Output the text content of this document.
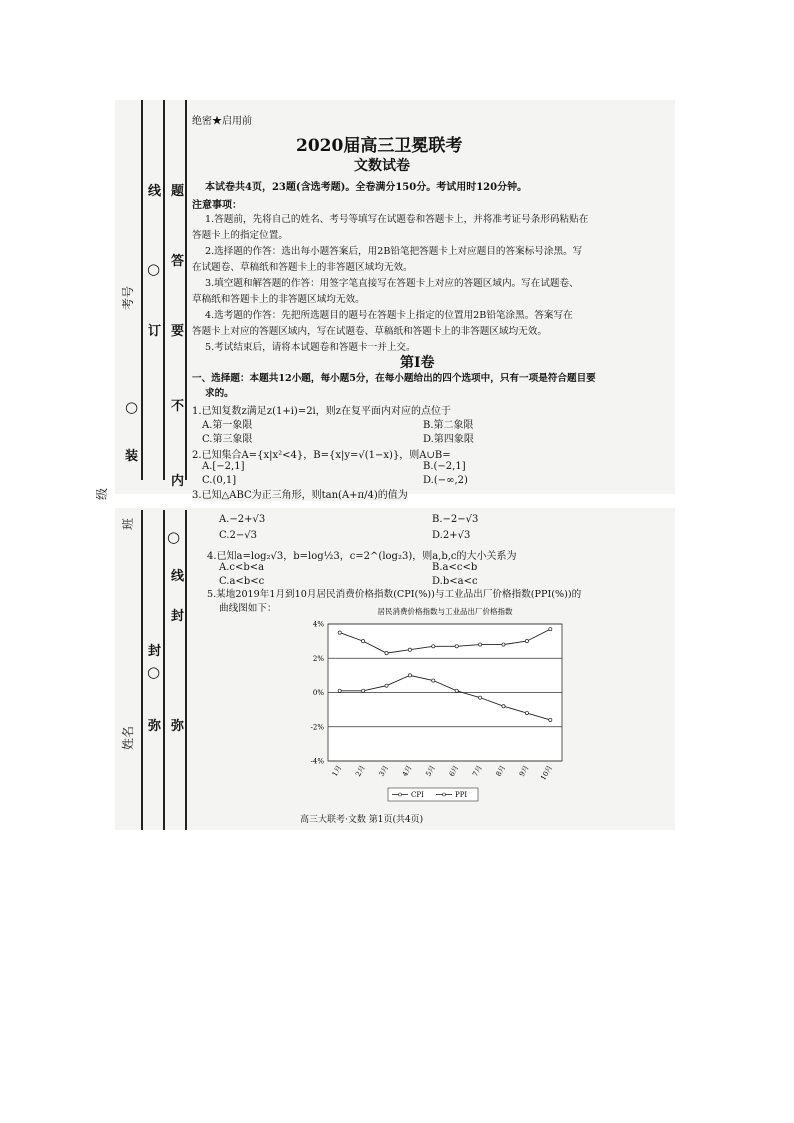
线 题
○ 答
订 要
○	不
装
内
考号
级
班
姓名
○
线
封
封
○
弥 弥
绝密★启用前
2020届高三卫冕联考
文数试卷
本试卷共4页，23题(含选考题)。全卷满分150分。考试用时120分钟。
注意事项：
1.答题前，先将自己的姓名、考号等填写在试题卷和答题卡上，并将准考证号条形码粘贴在
答题卡上的指定位置。
2.选择题的作答：选出每小题答案后，用2B铅笔把答题卡上对应题目的答案标号涂黑。写
在试题卷、草稿纸和答题卡上的非答题区域均无效。
3.填空题和解答题的作答：用签字笔直接写在答题卡上对应的答题区域内。写在试题卷、
草稿纸和答题卡上的非答题区域均无效。
4.选考题的作答：先把所选题目的题号在答题卡上指定的位置用2B铅笔涂黑。答案写在
答题卡上对应的答题区域内，写在试题卷、草稿纸和答题卡上的非答题区域均无效。
5.考试结束后，请将本试题卷和答题卡一并上交。
第Ⅰ卷
一、选择题：本题共12小题，每小题5分，在每小题给出的四个选项中，只有一项是符合题目要
求的。
1.已知复数z满足z(1+i)=2i，则z在复平面内对应的点位于
A.第一象限	B.第二象限
C.第三象限	D.第四象限
2.已知集合A={x|x²<4}，B={x|y=√(1−x)}，则A∪B=
A.[−2,1]	B.(−2,1]
C.(0,1]	D.(−∞,2)
3.已知△ABC为正三角形，则tan(A+π/4)的值为
A.−2+√3	B.−2−√3
C.2−√3	D.2+√3
4.已知a=log₂√3，b=log½3，c=2^(log₂3)，则a,b,c的大小关系为
A.c<b<a	B.a<c<b
C.a<b<c	D.b<a<c
5.某地2019年1月到10月居民消费价格指数(CPI(%))与工业品出厂价格指数(PPI(%))的
曲线图如下：	居民消费价格指数与工业品出厂价格指数
4%
2%
0%
-2%
-4%
1月 2月 3月 4月 5月 6月 7月 8月 9月 10月
CPI	PPI
高三大联考·文数 第1页(共4页)
